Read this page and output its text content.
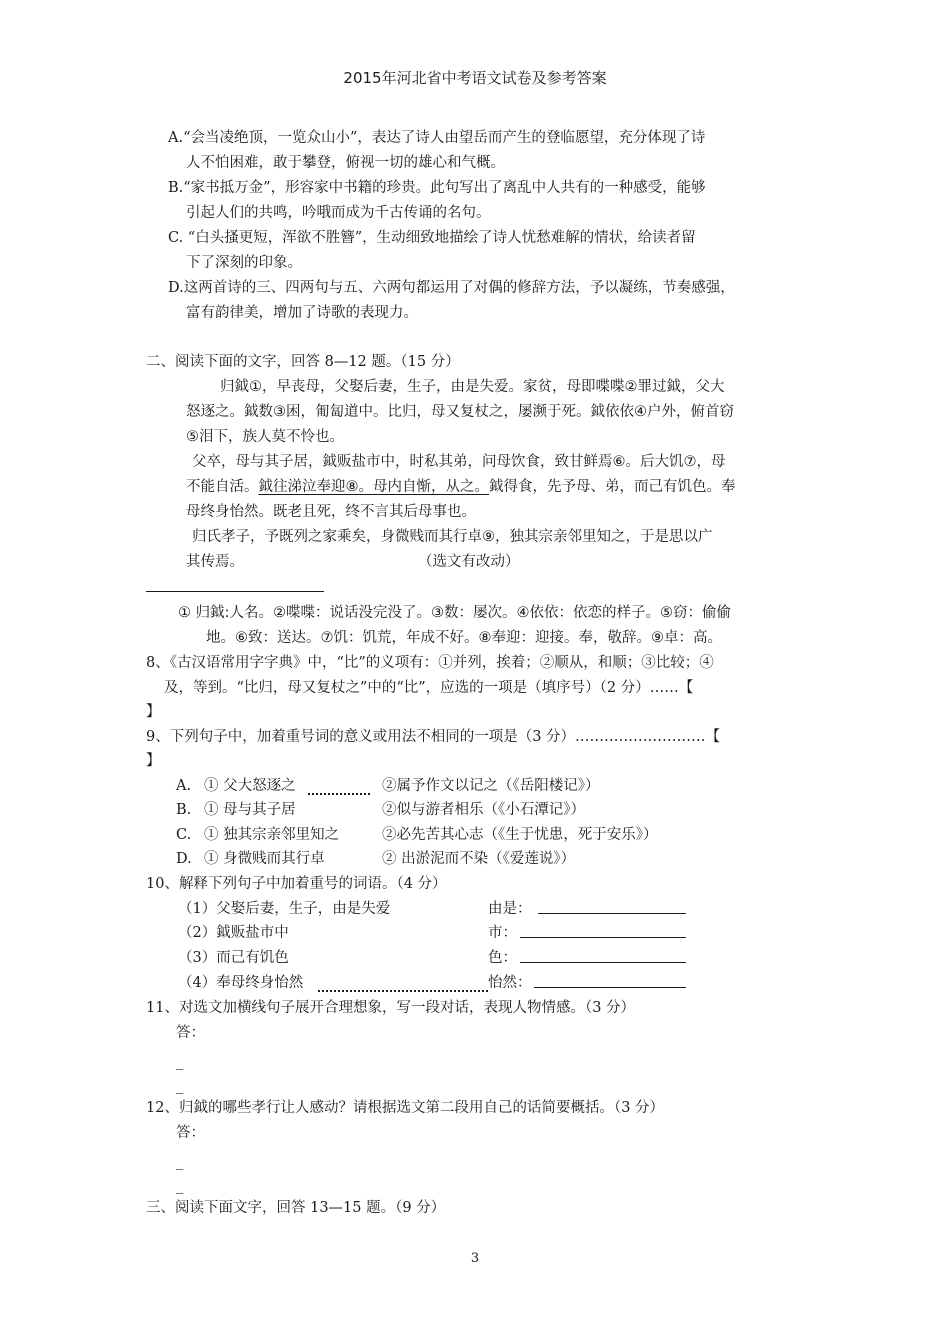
2015年河北省中考语文试卷及参考答案
A.“会当凌绝顶，一览众山小”，表达了诗人由望岳而产生的登临愿望，充分体现了诗
人不怕困难，敢于攀登，俯视一切的雄心和气概。
B.“家书抵万金”，形容家中书籍的珍贵。此句写出了离乱中人共有的一种感受，能够
引起人们的共鸣，吟哦而成为千古传诵的名句。
C. “白头搔更短，浑欲不胜簪”，生动细致地描绘了诗人忧愁难解的情状，给读者留
下了深刻的印象。
D.这两首诗的三、四两句与五、六两句都运用了对偶的修辞方法，予以凝练，节奏感强，
富有韵律美，增加了诗歌的表现力。
二、阅读下面的文字，回答 8—12 题。（15 分）
归鉞①，早丧母，父娶后妻，生子，由是失爱。家贫，母即喋喋②罪过鉞，父大
怒逐之。鉞数③困，匍匐道中。比归，母又复杖之，屡濒于死。鉞依依④户外，俯首窃
⑤泪下，族人莫不怜也。
父卒，母与其子居，鉞贩盐市中，时私其弟，问母饮食，致甘鲜焉⑥。后大饥⑦，母
不能自活。鉞往涕泣奉迎⑧。母内自惭，从之。鉞得食，先予母、弟，而己有饥色。奉
母终身怡然。既老且死，终不言其后母事也。
归氏孝子，予既列之家乘矣，身微贱而其行卓⑨，独其宗亲邻里知之，于是思以广
其传焉。	（选文有改动）
① 归鉞:人名。②喋喋：说话没完没了。③数：屡次。④依依：依恋的样子。⑤窃：偷偷
地。⑥致：送达。⑦饥：饥荒，年成不好。⑧奉迎：迎接。奉，敬辞。⑨卓：高。
8、《古汉语常用字字典》中，“比”的义项有：①并列，挨着；②顺从，和顺；③比较；④
及，等到。“比归，母又复杖之”中的“比”，应选的一项是（填序号）（2 分）……【
】
9、下列句子中，加着重号词的意义或用法不相同的一项是（3 分）………………………【
】
A. ① 父大怒逐之	②属予作文以记之（《岳阳楼记》）
B. ① 母与其子居	②似与游者相乐（《小石潭记》）
C. ① 独其宗亲邻里知之	②必先苦其心志（《生于忧患，死于安乐》）
D. ① 身微贱而其行卓	② 出淤泥而不染（《爱莲说》）
10、解释下列句子中加着重号的词语。（4 分）
（1）父娶后妻，生子，由是失爱	由是：
（2）鉞贩盐市中	市：
（3）而己有饥色	色：
（4）奉母终身怡然	怡然：
11、对选文加横线句子展开合理想象，写一段对话，表现人物情感。（3 分）
答：
_
_
12、归鉞的哪些孝行让人感动？请根据选文第二段用自己的话简要概括。（3 分）
答：
_
_
三、阅读下面文字，回答 13—15 题。（9 分）
3
